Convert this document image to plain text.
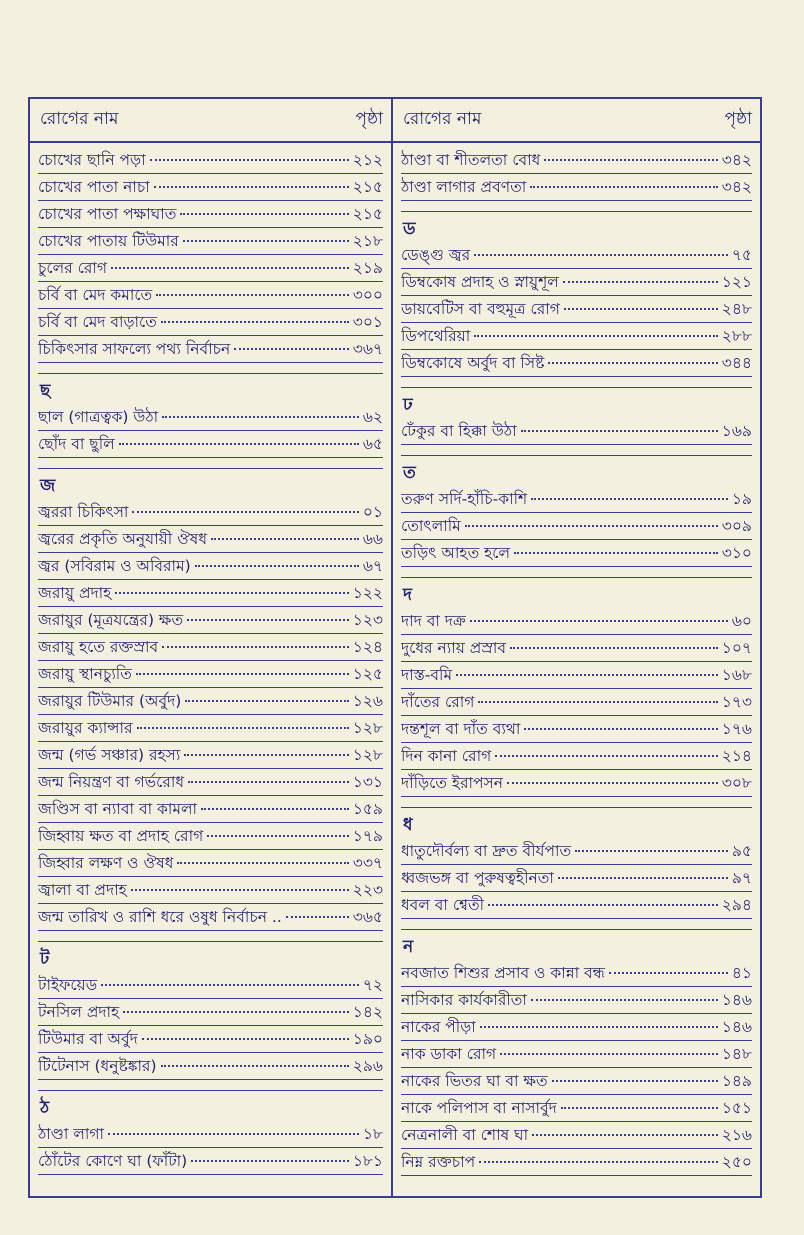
রোগের নাম	পৃষ্ঠা
চোখের ছানি পড়া	২১২
চোখের পাতা নাচা	২১৫
চোখের পাতা পক্ষাঘাত	২১৫
চোখের পাতায় টিউমার	২১৮
চুলের রোগ	২১৯
চর্বি বা মেদ কমাতে	৩০০
চর্বি বা মেদ বাড়াতে	৩০১
চিকিৎসার সাফল্যে পথ্য নির্বাচন	৩৬৭
ছ
ছাল (গাত্রত্বক) উঠা	৬২
ছোঁদ বা ছুলি	৬৫
জ
জ্বররা চিকিৎসা	০১
জ্বরের প্রকৃতি অনুযায়ী ঔষধ	৬৬
জ্বর (সবিরাম ও অবিরাম)	৬৭
জরায়ু প্রদাহ	১২২
জরায়ুর (মূত্রযন্ত্রের) ক্ষত	১২৩
জরায়ু হতে রক্তস্রাব	১২৪
জরায়ু স্থানচ্যুতি	১২৫
জরায়ুর টিউমার (অর্বুদ)	১২৬
জরায়ুর ক্যান্সার	১২৮
জন্ম (গর্ভ সঞ্চার) রহস্য	১২৮
জন্ম নিয়ন্ত্রণ বা গর্ভরোধ	১৩১
জণ্ডিস বা ন্যাবা বা কামলা	১৫৯
জিহ্বায় ক্ষত বা প্রদাহ রোগ	১৭৯
জিহ্বার লক্ষণ ও ঔষধ	৩৩৭
জ্বালা বা প্রদাহ	২২৩
জন্ম তারিখ ও রাশি ধরে ওষুধ নির্বাচন ..	৩৬৫
ট
টাইফয়েড	৭২
টনসিল প্রদাহ	১৪২
টিউমার বা অর্বুদ	১৯০
টিটেনাস (ধনুষ্টঙ্কার)	২৯৬
ঠ
ঠাণ্ডা লাগা	১৮
ঠোঁটের কোণে ঘা (ফাঁটা)	১৮১
রোগের নাম	পৃষ্ঠা
ঠাণ্ডা বা শীতলতা বোধ	৩৪২
ঠাণ্ডা লাগার প্রবণতা	৩৪২
ড
ডেঙ্গু জ্বর	৭৫
ডিম্বকোষ প্রদাহ ও স্নায়ুশূল	১২১
ডায়বেটিস বা বহুমূত্র রোগ	২৪৮
ডিপথেরিয়া	২৮৮
ডিম্বকোষে অর্বুদ বা সিষ্ট	৩৪৪
ঢ
ঢেঁকুর বা হিক্কা উঠা	১৬৯
ত
তরুণ সর্দি-হাঁচি-কাশি	১৯
তোৎলামি	৩০৯
তড়িৎ আহত হলে	৩১০
দ
দাদ বা দক্র	৬০
দুধের ন্যায় প্রস্রাব	১০৭
দাস্ত-বমি	১৬৮
দাঁতের রোগ	১৭৩
দন্তশূল বা দাঁত ব্যথা	১৭৬
দিন কানা রোগ	২১৪
দাঁড়িতে ইরাপসন	৩০৮
ধ
ধাতুদৌর্বল্য বা দ্রুত বীর্যপাত	৯৫
ধ্বজভঙ্গ বা পুরুষত্বহীনতা	৯৭
ধবল বা শ্বেতী	২৯৪
ন
নবজাত শিশুর প্রসাব ও কান্না বন্ধ	৪১
নাসিকার কার্যকারীতা	১৪৬
নাকের পীড়া	১৪৬
নাক ডাকা রোগ	১৪৮
নাকের ভিতর ঘা বা ক্ষত	১৪৯
নাকে পলিপাস বা নাসার্বুদ	১৫১
নেত্রনালী বা শোষ ঘা	২১৬
নিম্ন রক্তচাপ	২৫০
